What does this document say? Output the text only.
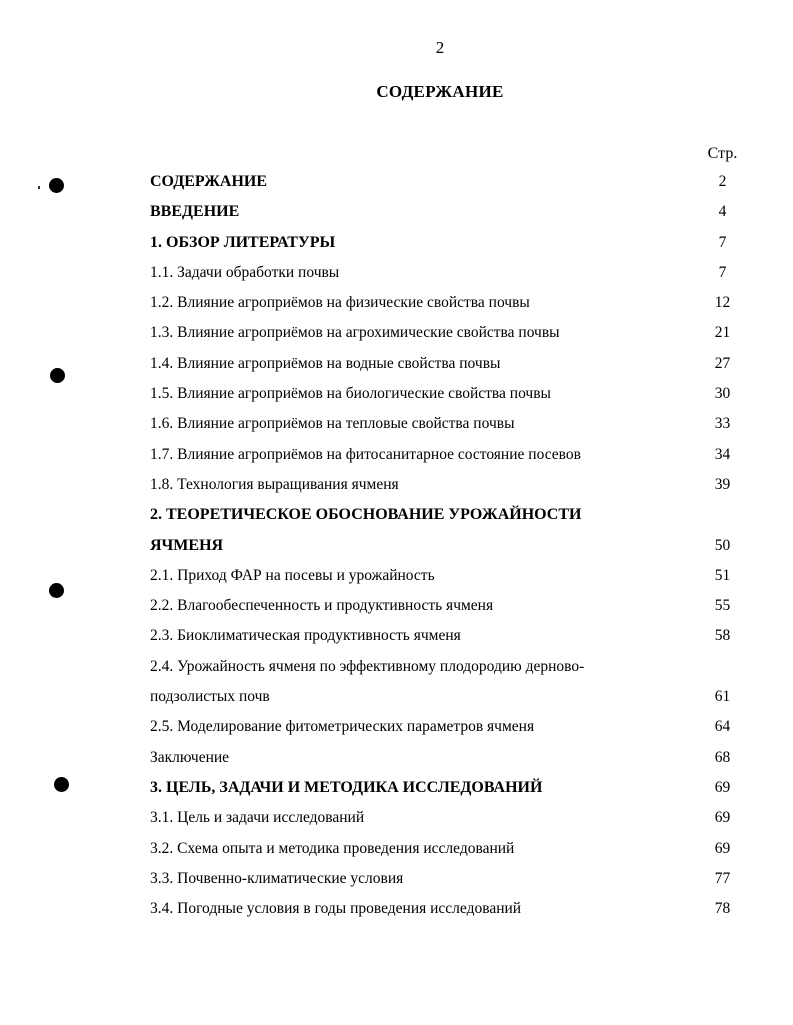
2
СОДЕРЖАНИЕ
Стр.
СОДЕРЖАНИЕ	2
ВВЕДЕНИЕ	4
1. ОБЗОР ЛИТЕРАТУРЫ	7
1.1. Задачи обработки почвы	7
1.2. Влияние агроприёмов на физические свойства почвы	12
1.3. Влияние агроприёмов на агрохимические свойства почвы	21
1.4. Влияние агроприёмов на водные свойства почвы	27
1.5. Влияние агроприёмов на биологические свойства почвы	30
1.6. Влияние агроприёмов на тепловые свойства почвы	33
1.7. Влияние агроприёмов на фитосанитарное состояние посевов	34
1.8. Технология выращивания ячменя	39
2. ТЕОРЕТИЧЕСКОЕ ОБОСНОВАНИЕ УРОЖАЙНОСТИ
ЯЧМЕНЯ	50
2.1. Приход ФАР на посевы и урожайность	51
2.2. Влагообеспеченность и продуктивность ячменя	55
2.3. Биоклиматическая продуктивность ячменя	58
2.4. Урожайность ячменя по эффективному плодородию дерново-
подзолистых почв	61
2.5. Моделирование фитометрических параметров ячменя	64
Заключение	68
3. ЦЕЛЬ, ЗАДАЧИ И МЕТОДИКА ИССЛЕДОВАНИЙ	69
3.1. Цель и задачи исследований	69
3.2. Схема опыта и методика проведения исследований	69
3.3. Почвенно-климатические условия	77
3.4. Погодные условия в годы проведения исследований	78
